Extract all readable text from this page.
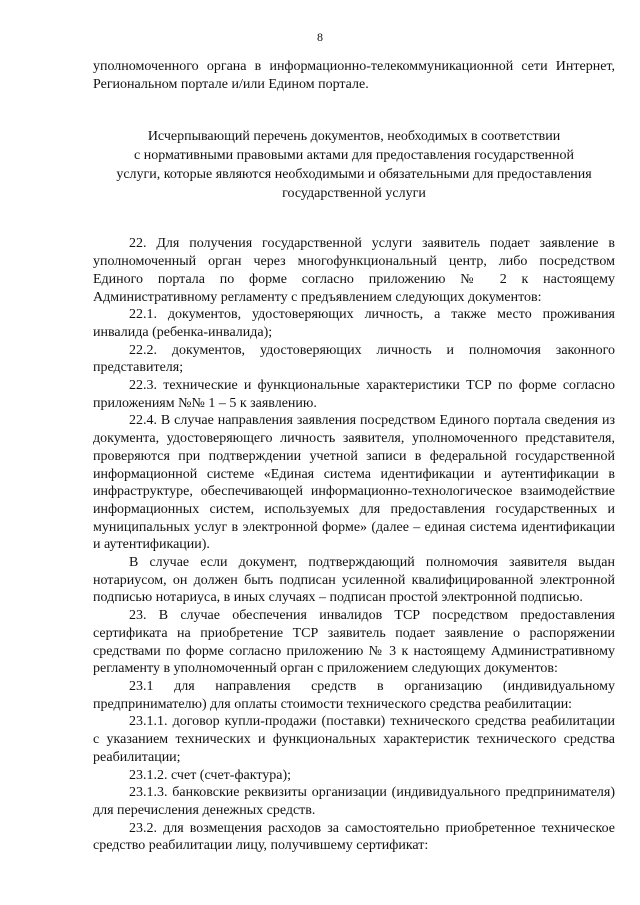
8

уполномоченного органа в информационно-телекоммуникационной сети Интернет, Региональном портале и/или Едином портале.

Исчерпывающий перечень документов, необходимых в соответствии
с нормативными правовыми актами для предоставления государственной
услуги, которые являются необходимыми и обязательными для предоставления
государственной услуги

22. Для получения государственной услуги заявитель подает заявление в уполномоченный орган через многофункциональный центр, либо посредством Единого портала по форме согласно приложению № 2 к настоящему Административному регламенту с предъявлением следующих документов:

22.1. документов, удостоверяющих личность, а также место проживания инвалида (ребенка-инвалида);

22.2. документов, удостоверяющих личность и полномочия законного представителя;

22.3. технические и функциональные характеристики ТСР по форме согласно приложениям №№ 1 – 5 к заявлению.

22.4. В случае направления заявления посредством Единого портала сведения из документа, удостоверяющего личность заявителя, уполномоченного представителя, проверяются при подтверждении учетной записи в федеральной государственной информационной системе «Единая система идентификации и аутентификации в инфраструктуре, обеспечивающей информационно-технологическое взаимодействие информационных систем, используемых для предоставления государственных и муниципальных услуг в электронной форме» (далее – единая система идентификации и аутентификации).

В случае если документ, подтверждающий полномочия заявителя выдан нотариусом, он должен быть подписан усиленной квалифицированной электронной подписью нотариуса, в иных случаях – подписан простой электронной подписью.

23. В случае обеспечения инвалидов ТСР посредством предоставления сертификата на приобретение ТСР заявитель подает заявление о распоряжении средствами по форме согласно приложению № 3 к настоящему Административному регламенту в уполномоченный орган с приложением следующих документов:

23.1 для направления средств в организацию (индивидуальному предпринимателю) для оплаты стоимости технического средства реабилитации:

23.1.1. договор купли-продажи (поставки) технического средства реабилитации с указанием технических и функциональных характеристик технического средства реабилитации;

23.1.2. счет (счет-фактура);

23.1.3. банковские реквизиты организации (индивидуального предпринимателя) для перечисления денежных средств.

23.2. для возмещения расходов за самостоятельно приобретенное техническое средство реабилитации лицу, получившему сертификат:
